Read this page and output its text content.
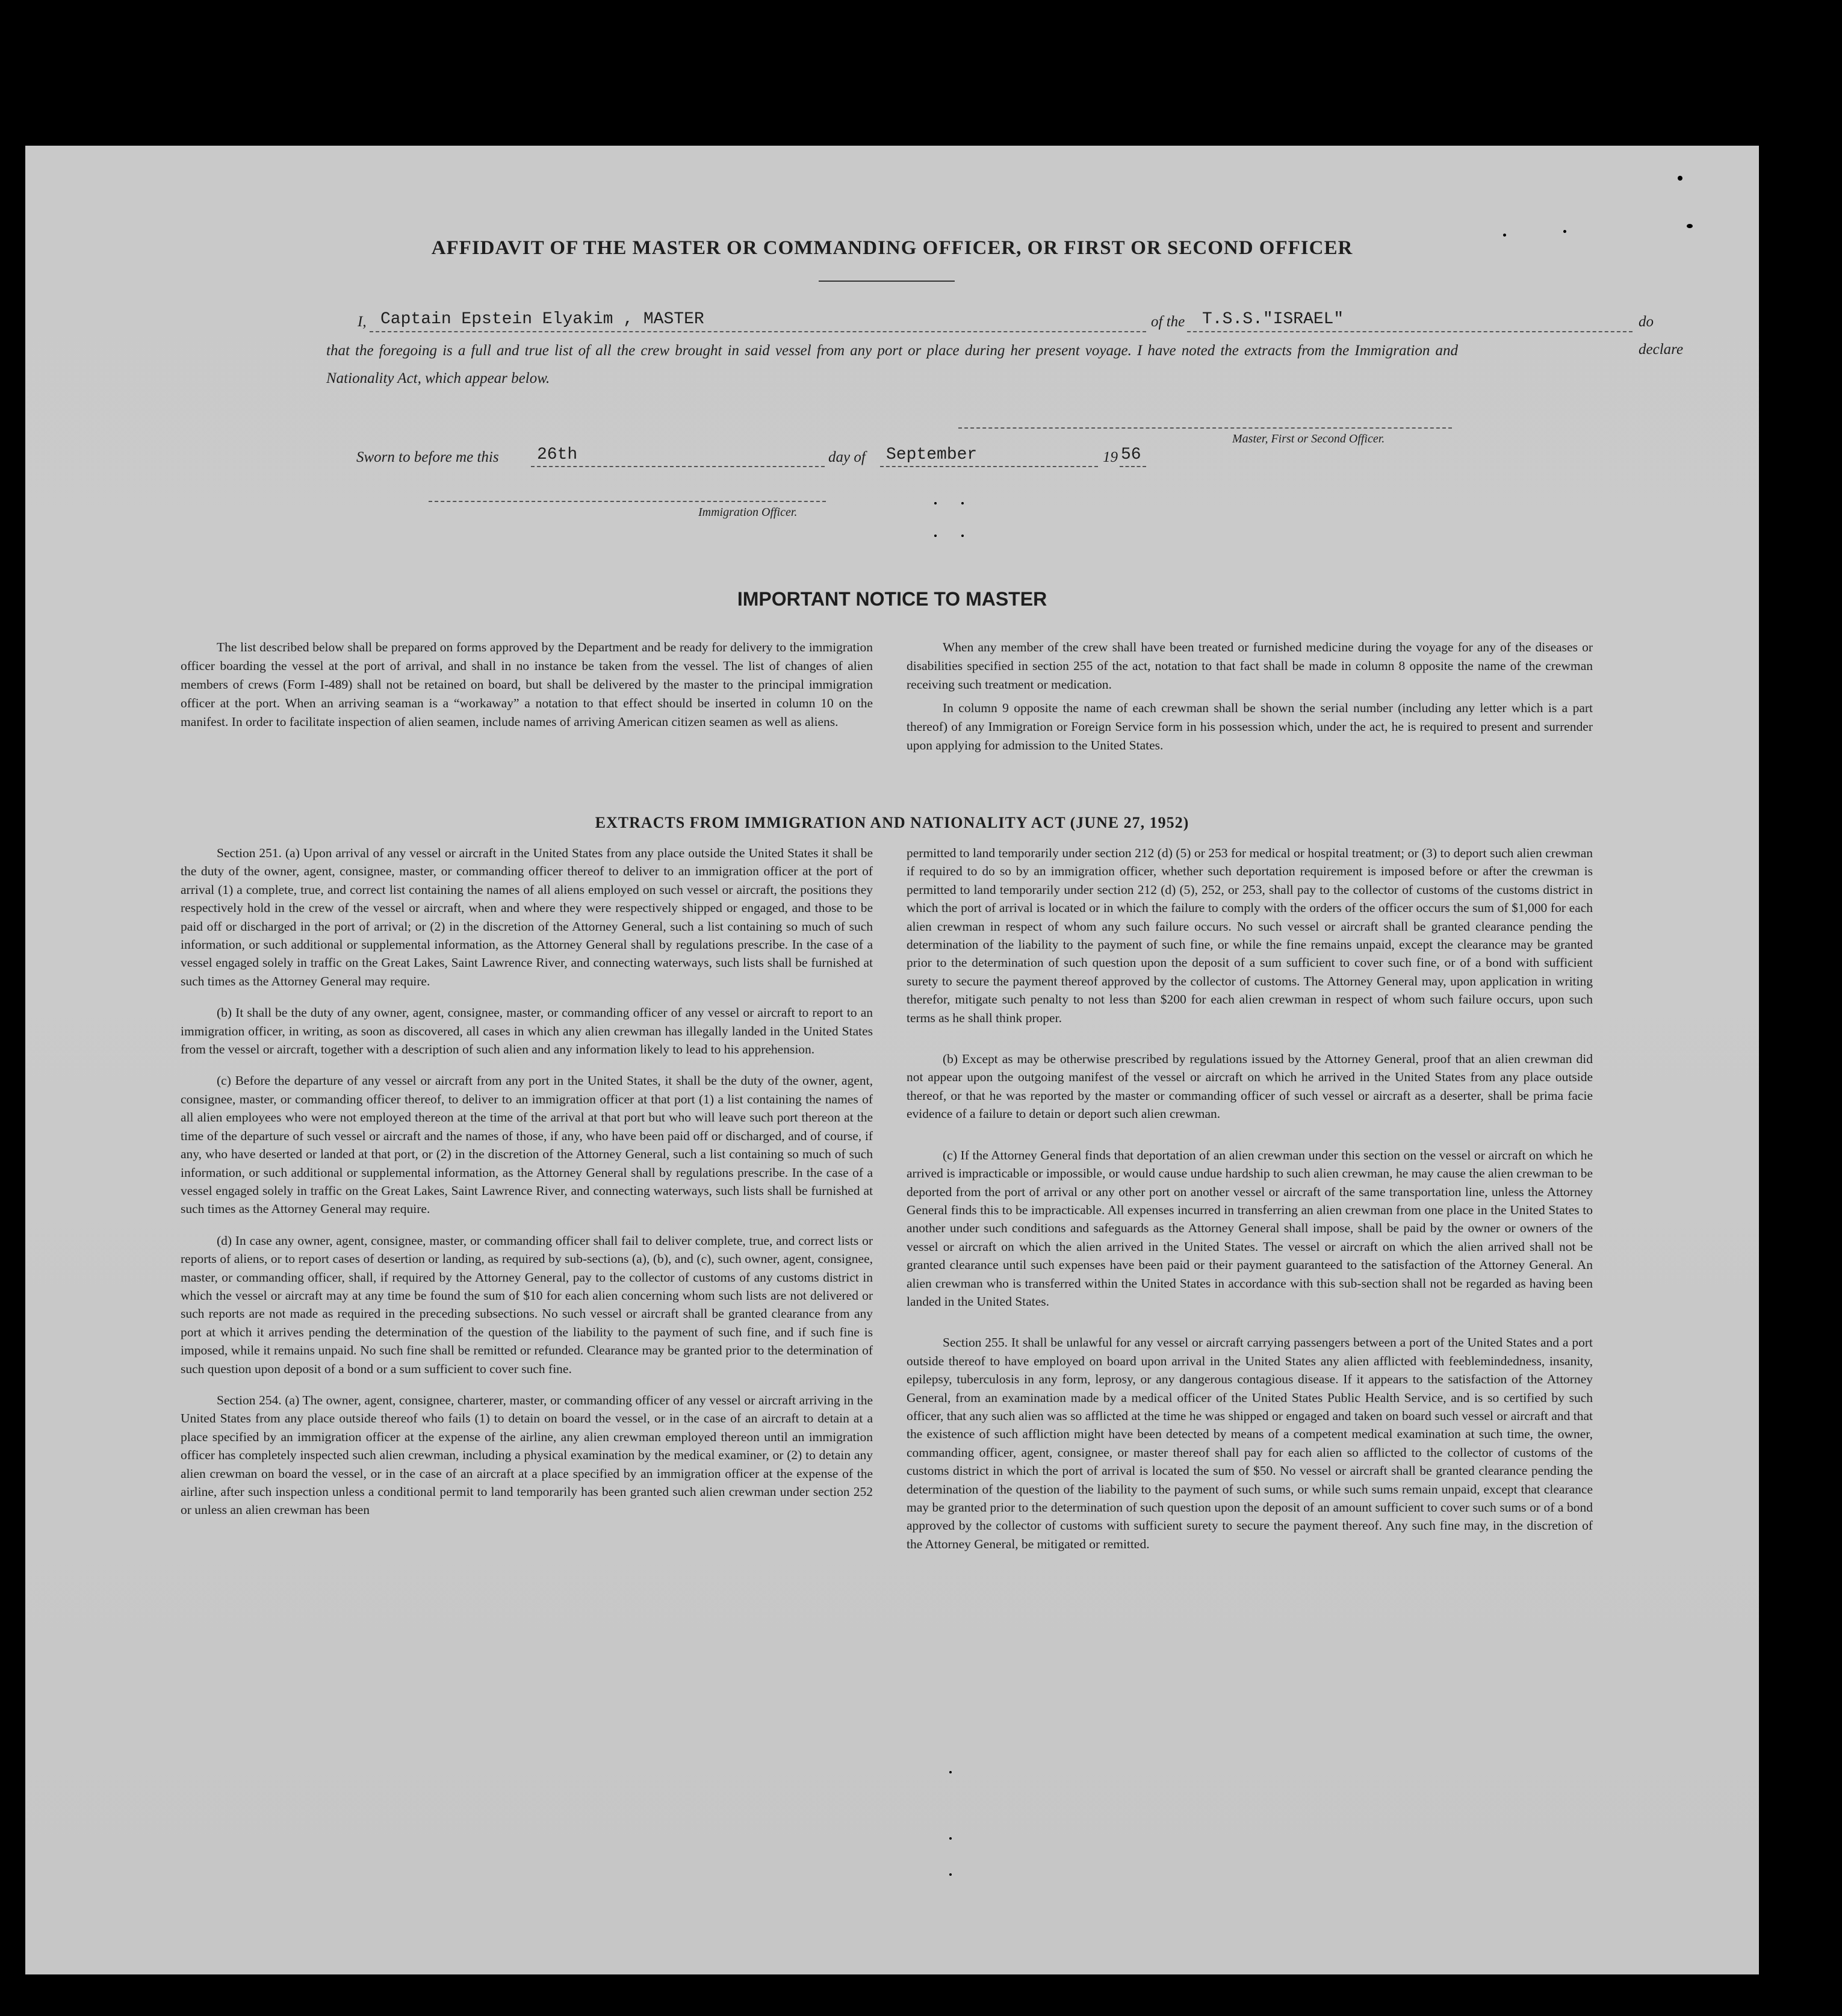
AFFIDAVIT OF THE MASTER OR COMMANDING OFFICER, OR FIRST OR SECOND OFFICER
I, Captain Epstein Elyakim , MASTER	of the T.S.S."ISRAEL"	do declare
that the foregoing is a full and true list of all the crew brought in said vessel from any port or place during her present voyage. I have noted the extracts from the Immigration and Nationality Act, which appear below.
Master, First or Second Officer.
Sworn to before me this 26th	day of September	19 56
Immigration Officer.
IMPORTANT NOTICE TO MASTER

The list described below shall be prepared on forms approved by the Department and be ready for delivery to the immigration officer boarding the vessel at the port of arrival, and shall in no instance be taken from the vessel. The list of changes of alien members of crews (Form I-489) shall not be retained on board, but shall be delivered by the master to the principal immigration officer at the port. When an arriving seaman is a “workaway” a notation to that effect should be inserted in column 10 on the manifest. In order to facilitate inspection of alien seamen, include names of arriving American citizen seamen as well as aliens.

When any member of the crew shall have been treated or furnished medicine during the voyage for any of the diseases or disabilities specified in section 255 of the act, notation to that fact shall be made in column 8 opposite the name of the crewman receiving such treatment or medication.

In column 9 opposite the name of each crewman shall be shown the serial number (including any letter which is a part thereof) of any Immigration or Foreign Service form in his possession which, under the act, he is required to present and surrender upon applying for admission to the United States.

EXTRACTS FROM IMMIGRATION AND NATIONALITY ACT (JUNE 27, 1952)

Section 251. (a) Upon arrival of any vessel or aircraft in the United States from any place outside the United States it shall be the duty of the owner, agent, consignee, master, or commanding officer thereof to deliver to an immigration officer at the port of arrival (1) a complete, true, and correct list containing the names of all aliens employed on such vessel or aircraft, the positions they respectively hold in the crew of the vessel or aircraft, when and where they were respectively shipped or engaged, and those to be paid off or discharged in the port of arrival; or (2) in the discretion of the Attorney General, such a list containing so much of such information, or such additional or supplemental information, as the Attorney General shall by regulations prescribe. In the case of a vessel engaged solely in traffic on the Great Lakes, Saint Lawrence River, and connecting waterways, such lists shall be furnished at such times as the Attorney General may require.

(b) It shall be the duty of any owner, agent, consignee, master, or commanding officer of any vessel or aircraft to report to an immigration officer, in writing, as soon as discovered, all cases in which any alien crewman has illegally landed in the United States from the vessel or aircraft, together with a description of such alien and any information likely to lead to his apprehension.

(c) Before the departure of any vessel or aircraft from any port in the United States, it shall be the duty of the owner, agent, consignee, master, or commanding officer thereof, to deliver to an immigration officer at that port (1) a list containing the names of all alien employees who were not employed thereon at the time of the arrival at that port but who will leave such port thereon at the time of the departure of such vessel or aircraft and the names of those, if any, who have been paid off or discharged, and of course, if any, who have deserted or landed at that port, or (2) in the discretion of the Attorney General, such a list containing so much of such information, or such additional or supplemental information, as the Attorney General shall by regulations prescribe. In the case of a vessel engaged solely in traffic on the Great Lakes, Saint Lawrence River, and connecting waterways, such lists shall be furnished at such times as the Attorney General may require.

(d) In case any owner, agent, consignee, master, or commanding officer shall fail to deliver complete, true, and correct lists or reports of aliens, or to report cases of desertion or landing, as required by sub-sections (a), (b), and (c), such owner, agent, consignee, master, or commanding officer, shall, if required by the Attorney General, pay to the collector of customs of any customs district in which the vessel or aircraft may at any time be found the sum of $10 for each alien concerning whom such lists are not delivered or such reports are not made as required in the preceding subsections. No such vessel or aircraft shall be granted clearance from any port at which it arrives pending the determination of the question of the liability to the payment of such fine, and if such fine is imposed, while it remains unpaid. No such fine shall be remitted or refunded. Clearance may be granted prior to the determination of such question upon deposit of a bond or a sum sufficient to cover such fine.

Section 254. (a) The owner, agent, consignee, charterer, master, or commanding officer of any vessel or aircraft arriving in the United States from any place outside thereof who fails (1) to detain on board the vessel, or in the case of an aircraft to detain at a place specified by an immigration officer at the expense of the airline, any alien crewman employed thereon until an immigration officer has completely inspected such alien crewman, including a physical examination by the medical examiner, or (2) to detain any alien crewman on board the vessel, or in the case of an aircraft at a place specified by an immigration officer at the expense of the airline, after such inspection unless a conditional permit to land temporarily has been granted such alien crewman under section 252 or unless an alien crewman has been

permitted to land temporarily under section 212 (d) (5) or 253 for medical or hospital treatment; or (3) to deport such alien crewman if required to do so by an immigration officer, whether such deportation requirement is imposed before or after the crewman is permitted to land temporarily under section 212 (d) (5), 252, or 253, shall pay to the collector of customs of the customs district in which the port of arrival is located or in which the failure to comply with the orders of the officer occurs the sum of $1,000 for each alien crewman in respect of whom any such failure occurs. No such vessel or aircraft shall be granted clearance pending the determination of the liability to the payment of such fine, or while the fine remains unpaid, except the clearance may be granted prior to the determination of such question upon the deposit of a sum sufficient to cover such fine, or of a bond with sufficient surety to secure the payment thereof approved by the collector of customs. The Attorney General may, upon application in writing therefor, mitigate such penalty to not less than $200 for each alien crewman in respect of whom such failure occurs, upon such terms as he shall think proper.

(b) Except as may be otherwise prescribed by regulations issued by the Attorney General, proof that an alien crewman did not appear upon the outgoing manifest of the vessel or aircraft on which he arrived in the United States from any place outside thereof, or that he was reported by the master or commanding officer of such vessel or aircraft as a deserter, shall be prima facie evidence of a failure to detain or deport such alien crewman.

(c) If the Attorney General finds that deportation of an alien crewman under this section on the vessel or aircraft on which he arrived is impracticable or impossible, or would cause undue hardship to such alien crewman, he may cause the alien crewman to be deported from the port of arrival or any other port on another vessel or aircraft of the same transportation line, unless the Attorney General finds this to be impracticable. All expenses incurred in transferring an alien crewman from one place in the United States to another under such conditions and safeguards as the Attorney General shall impose, shall be paid by the owner or owners of the vessel or aircraft on which the alien arrived in the United States. The vessel or aircraft on which the alien arrived shall not be granted clearance until such expenses have been paid or their payment guaranteed to the satisfaction of the Attorney General. An alien crewman who is transferred within the United States in accordance with this sub-section shall not be regarded as having been landed in the United States.

Section 255. It shall be unlawful for any vessel or aircraft carrying passengers between a port of the United States and a port outside thereof to have employed on board upon arrival in the United States any alien afflicted with feeblemindedness, insanity, epilepsy, tuberculosis in any form, leprosy, or any dangerous contagious disease. If it appears to the satisfaction of the Attorney General, from an examination made by a medical officer of the United States Public Health Service, and is so certified by such officer, that any such alien was so afflicted at the time he was shipped or engaged and taken on board such vessel or aircraft and that the existence of such affliction might have been detected by means of a competent medical examination at such time, the owner, commanding officer, agent, consignee, or master thereof shall pay for each alien so afflicted to the collector of customs of the customs district in which the port of arrival is located the sum of $50. No vessel or aircraft shall be granted clearance pending the determination of the question of the liability to the payment of such sums, or while such sums remain unpaid, except that clearance may be granted prior to the determination of such question upon the deposit of an amount sufficient to cover such sums or of a bond approved by the collector of customs with sufficient surety to secure the payment thereof. Any such fine may, in the discretion of the Attorney General, be mitigated or remitted.
